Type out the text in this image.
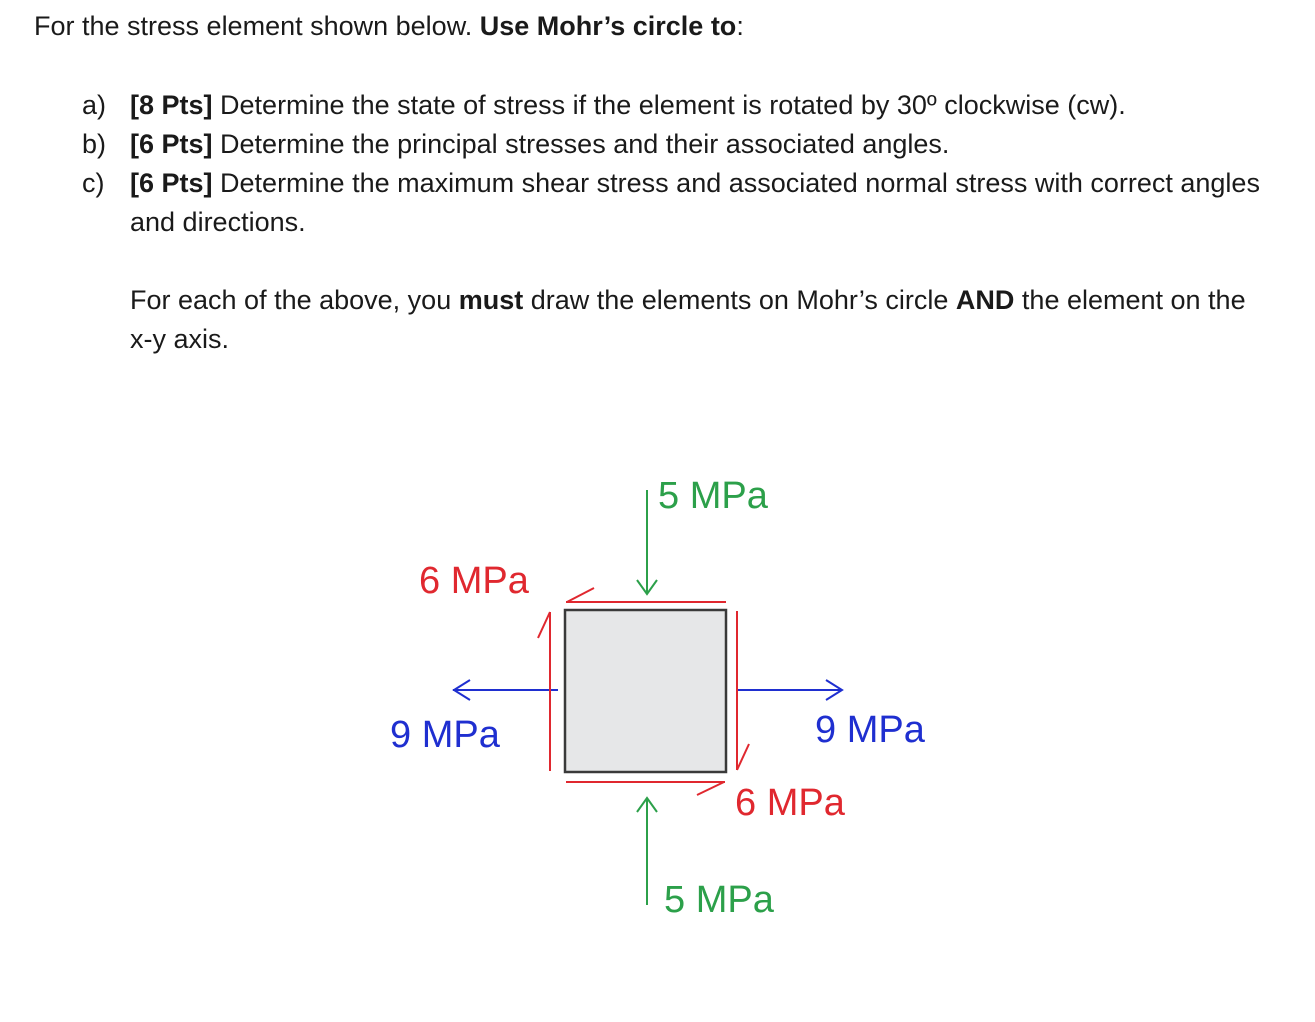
For the stress element shown below. Use Mohr’s circle to:
a) [8 Pts] Determine the state of stress if the element is rotated by 30º clockwise (cw).
b) [6 Pts] Determine the principal stresses and their associated angles.
c) [6 Pts] Determine the maximum shear stress and associated normal stress with correct angles and directions.
For each of the above, you must draw the elements on Mohr’s circle AND the element on the x-y axis.
5 MPa
5 MPa
6 MPa
6 MPa
9 MPa	9 MPa
